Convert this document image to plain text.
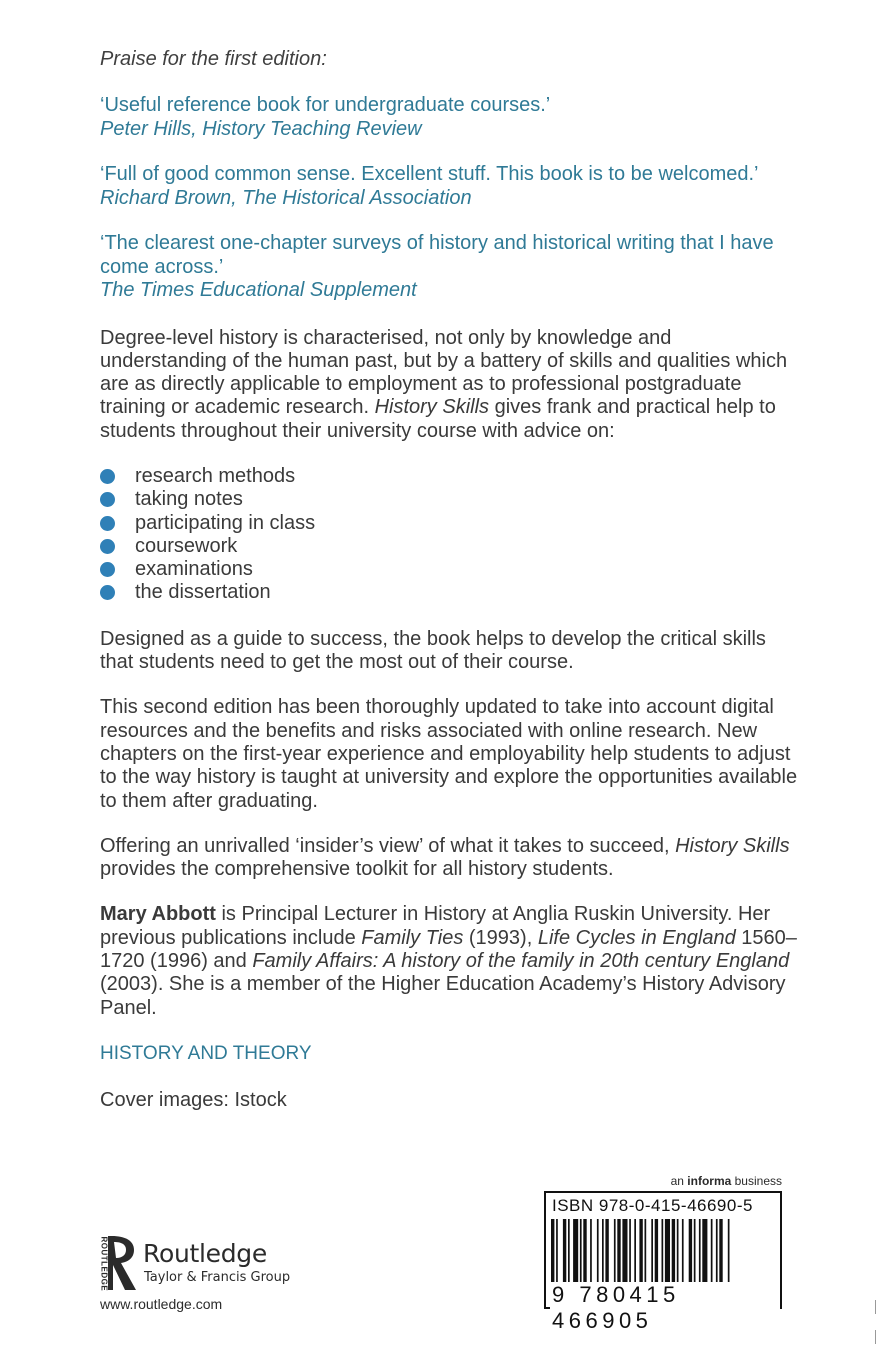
Praise for the first edition:

‘Useful reference book for undergraduate courses.’
Peter Hills, History Teaching Review
‘Full of good common sense. Excellent stuff. This book is to be welcomed.’
Richard Brown, The Historical Association
‘The clearest one-chapter surveys of history and historical writing that I have come across.’
The Times Educational Supplement

Degree-level history is characterised, not only by knowledge and understanding of the human past, but by a battery of skills and qualities which are as directly applicable to employment as to professional postgraduate training or academic research. History Skills gives frank and practical help to students throughout their university course with advice on:

research methods
taking notes
participating in class
coursework
examinations
the dissertation

Designed as a guide to success, the book helps to develop the critical skills that students need to get the most out of their course.

This second edition has been thoroughly updated to take into account digital resources and the benefits and risks associated with online research. New chapters on the first-year experience and employability help students to adjust to the way history is taught at university and explore the opportunities available to them after graduating.

Offering an unrivalled ‘insider’s view’ of what it takes to succeed, History Skills provides the comprehensive toolkit for all history students.

Mary Abbott is Principal Lecturer in History at Anglia Ruskin University. Her previous publications include Family Ties (1993), Life Cycles in England 1560–1720 (1996) and Family Affairs: A history of the family in 20th century England (2003). She is a member of the Higher Education Academy’s History Advisory Panel.

HISTORY AND THEORY

Cover images: Istock

ROUTLEDGE Routledge
Taylor & Francis Group
www.routledge.com
an informa business
ISBN 978-0-415-46690-5
9 780415 466905
